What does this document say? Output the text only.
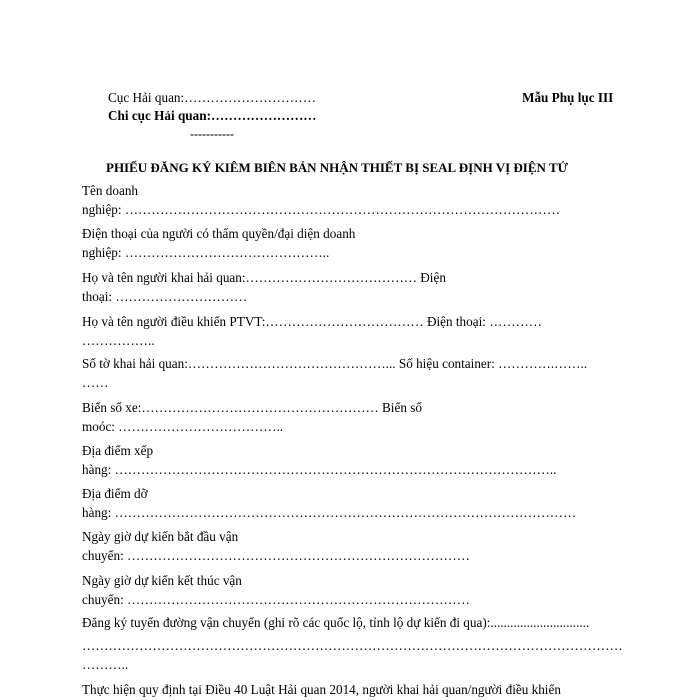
Cục Hải quan:…………………………
Chi cục Hải quan:……………………
-----------
Mẫu Phụ lục III
PHIẾU ĐĂNG KÝ KIÊM BIÊN BẢN NHẬN THIẾT BỊ SEAL ĐỊNH VỊ ĐIỆN TỬ
Tên doanh
nghiệp: ………………………………………………………………………………………
Điện thoại của người có thẩm quyền/đại diện doanh
nghiệp: ………………………………………..
Họ và tên người khai hải quan:………………………………… Điện
thoại: …………………………
Họ và tên người điều khiển PTVT:……………………………… Điện thoại: …………
……………..
Số tờ khai hải quan:………………………………………... Số hiệu container: ………….……..
……
Biển số xe:……………………………………………… Biển số
moóc: ………………………………..
Địa điểm xếp
hàng: ………………………………………………………………………………………..
Địa điểm dỡ
hàng: ……………………………………………………………………………………………
Ngày giờ dự kiến bắt đầu vận
chuyển: ……………………………………………………………………
Ngày giờ dự kiến kết thúc vận
chuyển: ……………………………………………………………………
Đăng ký tuyến đường vận chuyển (ghi rõ các quốc lộ, tỉnh lộ dự kiến đi qua):..............................
……………………………………………………………………………………………………………
………..
Thực hiện quy định tại Điều 40 Luật Hải quan 2014, người khai hải quan/người điều khiển
